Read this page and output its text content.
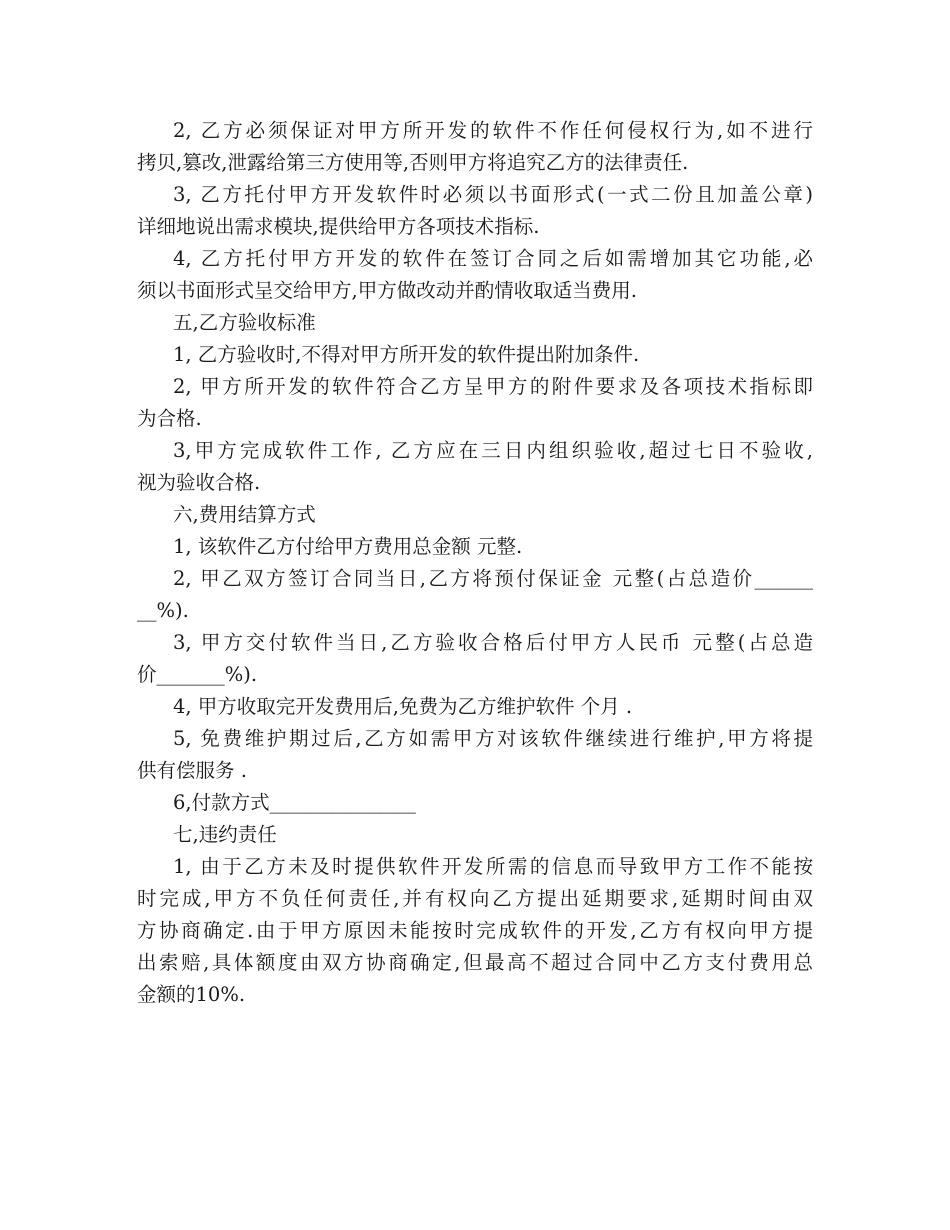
2, 乙方必须保证对甲方所开发的软件不作任何侵权行为,如不进行
拷贝,篡改,泄露给第三方使用等,否则甲方将追究乙方的法律责任.
3, 乙方托付甲方开发软件时必须以书面形式(一式二份且加盖公章)
详细地说出需求模块,提供给甲方各项技术指标.
4, 乙方托付甲方开发的软件在签订合同之后如需增加其它功能,必
须以书面形式呈交给甲方,甲方做改动并酌情收取适当费用.
五,乙方验收标准
1, 乙方验收时,不得对甲方所开发的软件提出附加条件.
2, 甲方所开发的软件符合乙方呈甲方的附件要求及各项技术指标即
为合格.
3,甲方完成软件工作, 乙方应在三日内组织验收,超过七日不验收,
视为验收合格.
六,费用结算方式
1, 该软件乙方付给甲方费用总金额 元整.
2, 甲乙双方签订合同当日,乙方将预付保证金 元整(占总造价______
__%).
3, 甲方交付软件当日,乙方验收合格后付甲方人民币 元整(占总造
价_______%).
4, 甲方收取完开发费用后,免费为乙方维护软件 个月 .
5, 免费维护期过后,乙方如需甲方对该软件继续进行维护,甲方将提
供有偿服务 .
6,付款方式_______________
七,违约责任
1, 由于乙方未及时提供软件开发所需的信息而导致甲方工作不能按
时完成,甲方不负任何责任,并有权向乙方提出延期要求,延期时间由双
方协商确定.由于甲方原因未能按时完成软件的开发,乙方有权向甲方提
出索赔,具体额度由双方协商确定,但最高不超过合同中乙方支付费用总
金额的10%.
